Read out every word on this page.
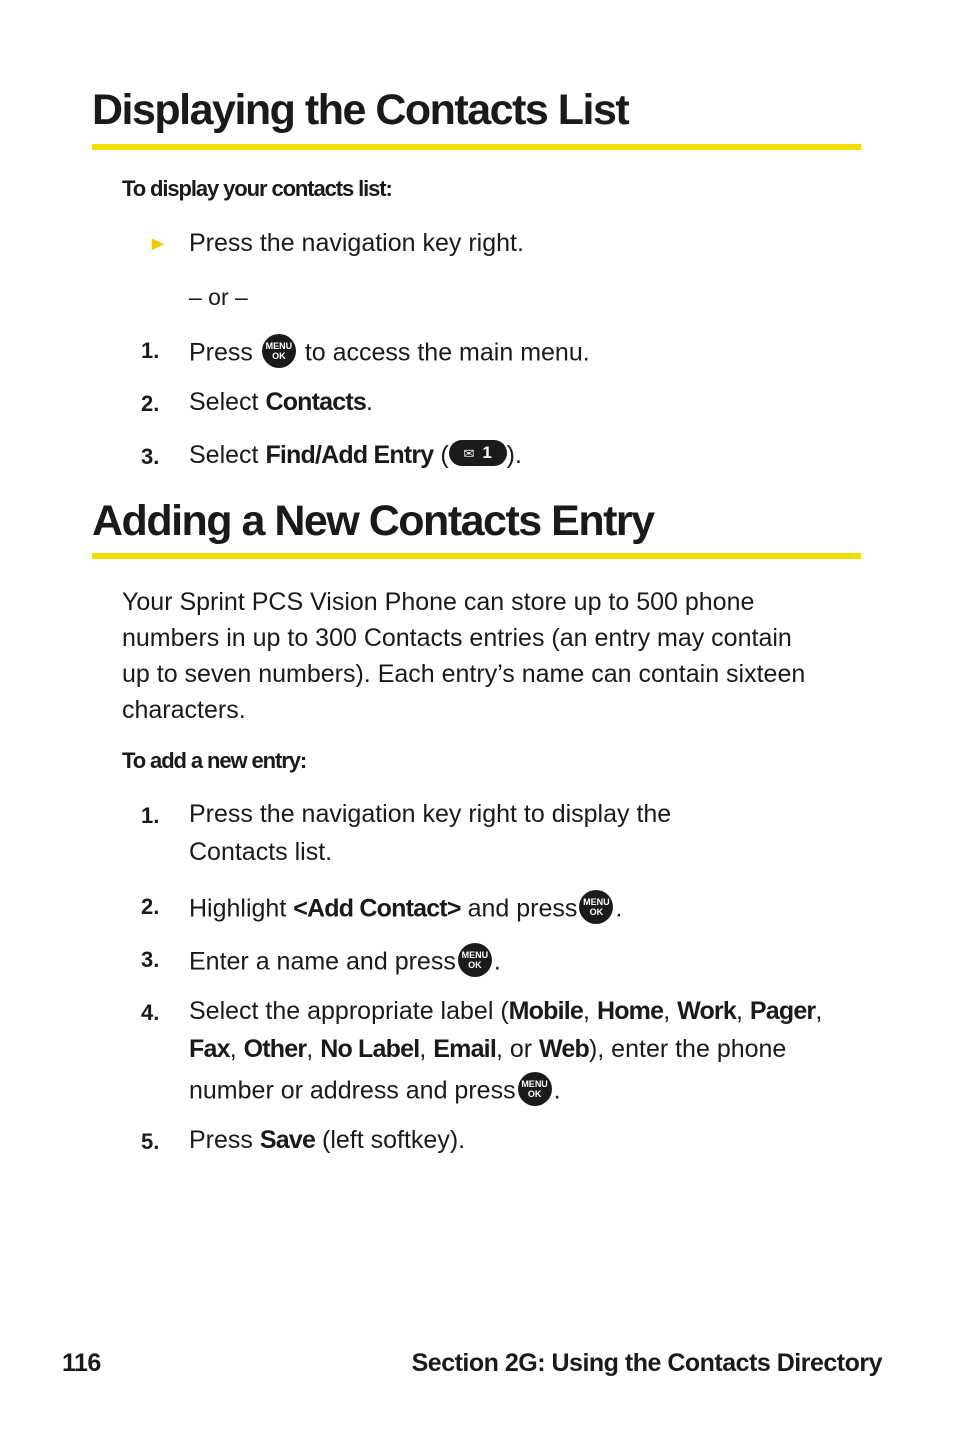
Displaying the Contacts List
To display your contacts list:
► Press the navigation key right.
– or –
1. Press	MENU
OK to access the main menu.
2. Select Contacts.
3. Select Find/Add Entry ( ✉ 1 ).
Adding a New Contacts Entry
Your Sprint PCS Vision Phone can store up to 500 phone
numbers in up to 300 Contacts entries (an entry may contain
up to seven numbers). Each entry’s name can contain sixteen
characters.
To add a new entry:
1. Press the navigation key right to display the
Contacts list.
2. Highlight <Add Contact> and press MENU
OK .
3. Enter a name and press MENU
OK .
4. Select the appropriate label (Mobile, Home, Work, Pager,
Fax, Other, No Label, Email, or Web), enter the phone
number or address and press MENU
OK .
5. Press Save (left softkey).
116	Section 2G: Using the Contacts Directory
